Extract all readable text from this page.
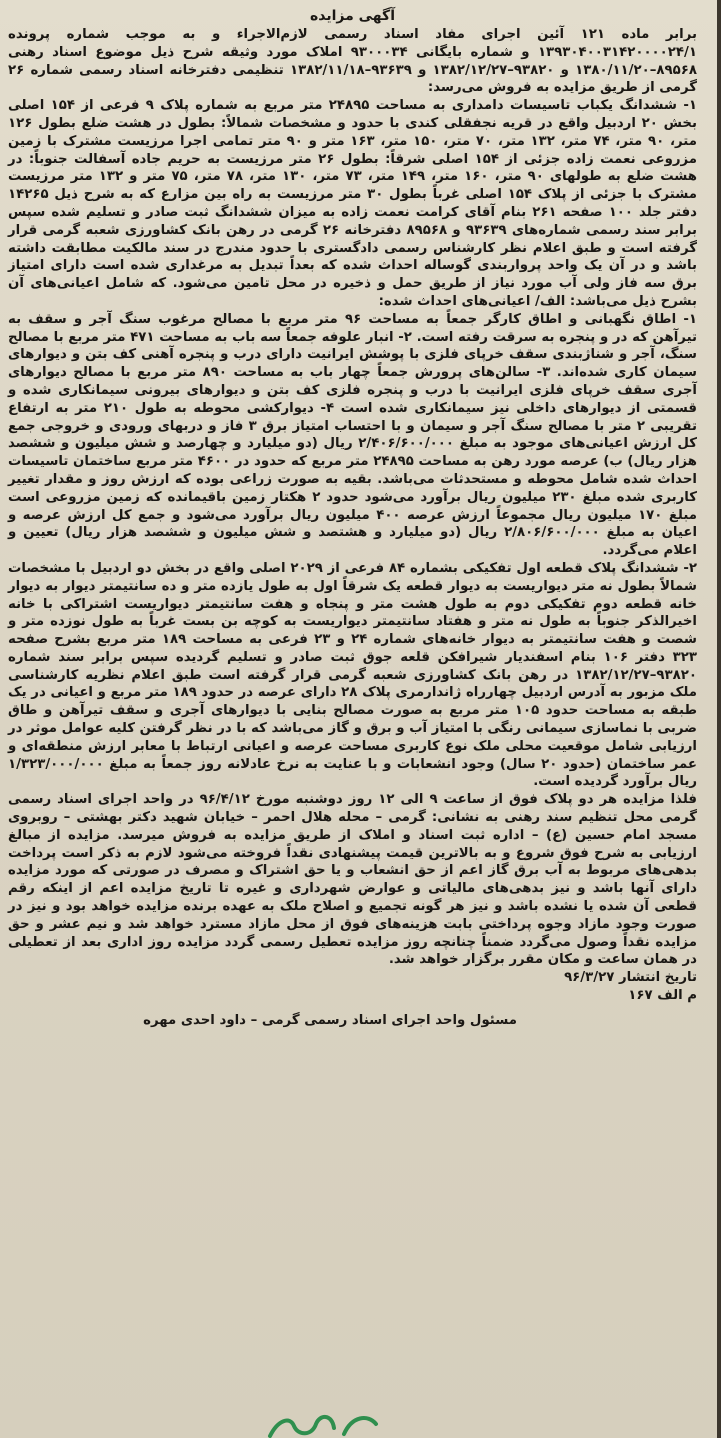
آگهی مزایده

برابر ماده ۱۲۱ آئین اجرای مفاد اسناد رسمی لازم‌الاجراء و به موجب شماره پرونده ۱۳۹۳۰۴۰۰۳۱۴۲۰۰۰۰۲۴/۱ و شماره بایگانی ۹۳۰۰۰۳۴ املاک مورد وثیقه شرح ذیل موضوع اسناد رهنی ۸۹۵۶۸–۱۳۸۰/۱۱/۲۰ و ۹۳۸۲۰–۱۳۸۲/۱۲/۲۷ و ۹۳۶۳۹–۱۳۸۲/۱۱/۱۸ تنظیمی دفترخانه اسناد رسمی شماره ۲۶ گرمی از طریق مزایده به فروش می‌رسد:

۱- ششدانگ یکباب تاسیسات دامداری به مساحت ۲۴۸۹۵ متر مربع به شماره پلاک ۹ فرعی از ۱۵۴ اصلی بخش ۲۰ اردبیل واقع در قریه نجفقلی کندی با حدود و مشخصات شمالاً: بطول در هشت ضلع بطول ۱۲۶ متر، ۹۰ متر، ۷۴ متر، ۱۳۲ متر، ۷۰ متر، ۱۵۰ متر، ۱۶۳ متر و ۹۰ متر تمامی اجرا مرزیست مشترک با زمین مزروعی نعمت زاده جزئی از ۱۵۴ اصلی شرقاً: بطول ۲۶ متر مرزیست به حریم جاده آسفالت جنوباً: در هشت ضلع به طولهای ۹۰ متر، ۱۶۰ متر، ۱۴۹ متر، ۷۳ متر، ۱۳۰ متر، ۷۸ متر، ۷۵ متر و ۱۳۲ متر مرزیست مشترک با جزئی از پلاک ۱۵۴ اصلی غرباً بطول ۳۰ متر مرزیست به راه بین مزارع که به شرح ذیل ۱۴۲۶۵ دفتر جلد ۱۰۰ صفحه ۲۶۱ بنام آقای کرامت نعمت زاده به میزان ششدانگ ثبت صادر و تسلیم شده سپس برابر سند رسمی شماره‌های ۹۳۶۳۹ و ۸۹۵۶۸ دفترخانه ۲۶ گرمی در رهن بانک کشاورزی شعبه گرمی قرار گرفته است و طبق اعلام نظر کارشناس رسمی دادگستری با حدود مندرج در سند مالکیت مطابقت داشته باشد و در آن یک واحد پرواربندی گوساله احداث شده که بعداً تبدیل به مرغداری شده است دارای امتیاز برق سه فاز ولی آب مورد نیاز از طریق حمل و ذخیره در محل تامین می‌شود. که شامل اعیانی‌های آن بشرح ذیل می‌باشد: الف/ اعیانی‌های احداث شده:

۱- اطاق نگهبانی و اطاق کارگر جمعاً به مساحت ۹۶ متر مربع با مصالح مرغوب سنگ آجر و سقف به تیرآهن که در و پنجره به سرقت رفته است. ۲- انبار علوفه جمعاً سه باب به مساحت ۴۷۱ متر مربع با مصالح سنگ، آجر و شناژبندی سقف خرپای فلزی با پوشش ایرانیت دارای درب و پنجره آهنی کف بتن و دیوارهای سیمان کاری شده‌اند. ۳- سالن‌های پرورش جمعاً چهار باب به مساحت ۸۹۰ متر مربع با مصالح دیوارهای آجری سقف خرپای فلزی ایرانیت با درب و پنجره فلزی کف بتن و دیوارهای بیرونی سیمانکاری شده و قسمتی از دیوارهای داخلی نیز سیمانکاری شده است ۴- دیوارکشی محوطه به طول ۲۱۰ متر به ارتفاع تقریبی ۲ متر با مصالح سنگ آجر و سیمان و با احتساب امتیاز برق ۳ فاز و دربهای ورودی و خروجی جمع کل ارزش اعیانی‌های موجود به مبلغ ۲/۴۰۶/۶۰۰/۰۰۰ ریال (دو میلیارد و چهارصد و شش میلیون و ششصد هزار ریال) ب) عرصه مورد رهن به مساحت ۲۴۸۹۵ متر مربع که حدود در ۴۶۰۰ متر مربع ساختمان تاسیسات احداث شده شامل محوطه و مستحدثات می‌باشد. بقیه به صورت زراعی بوده که ارزش روز و مقدار تغییر کاربری شده مبلغ ۲۳۰ میلیون ریال برآورد می‌شود حدود ۲ هکتار زمین باقیمانده که زمین مزروعی است مبلغ ۱۷۰ میلیون ریال مجموعاً ارزش عرصه ۴۰۰ میلیون ریال برآورد می‌شود و جمع کل ارزش عرصه و اعیان به مبلغ ۲/۸۰۶/۶۰۰/۰۰۰ ریال (دو میلیارد و هشتصد و شش میلیون و ششصد هزار ریال) تعیین و اعلام می‌گردد.

۲- ششدانگ پلاک قطعه اول تفکیکی بشماره ۸۴ فرعی از ۲۰۲۹ اصلی واقع در بخش دو اردبیل با مشخصات شمالاً بطول نه متر دیواریست به دیوار قطعه یک شرقاً اول به طول یازده متر و ده سانتیمتر دیوار به دیوار خانه قطعه دوم تفکیکی دوم به طول هشت متر و پنجاه و هفت سانتیمتر دیواریست اشتراکی با خانه اخیرالذکر جنوباً به طول نه متر و هفتاد سانتیمتر دیواریست به کوچه بن بست غرباً به طول نوزده متر و شصت و هفت سانتیمتر به دیوار خانه‌های شماره ۲۴ و ۲۳ فرعی به مساحت ۱۸۹ متر مربع بشرح صفحه ۳۲۳ دفتر ۱۰۶ بنام اسفندیار شیرافکن قلعه جوق ثبت صادر و تسلیم گردیده سپس برابر سند شماره ۹۳۸۲۰–۱۳۸۲/۱۲/۲۷ در رهن بانک کشاورزی شعبه گرمی قرار گرفته است طبق اعلام نظریه کارشناسی ملک مزبور به آدرس اردبیل چهارراه ژاندارمری پلاک ۲۸ دارای عرصه در حدود ۱۸۹ متر مربع و اعیانی در یک طبقه به مساحت حدود ۱۰۵ متر مربع به صورت مصالح بنایی با دیوارهای آجری و سقف تیرآهن و طاق ضربی با نماسازی سیمانی رنگی با امتیاز آب و برق و گاز می‌باشد که با در نظر گرفتن کلیه عوامل موثر در ارزیابی شامل موقعیت محلی ملک نوع کاربری مساحت عرصه و اعیانی ارتباط با معابر ارزش منطقه‌ای و عمر ساختمان (حدود ۲۰ سال) وجود انشعابات و با عنایت به نرخ عادلانه روز جمعاً به مبلغ ۱/۳۲۳/۰۰۰/۰۰۰ ریال برآورد گردیده است.

فلذا مزایده هر دو پلاک فوق از ساعت ۹ الی ۱۲ روز دوشنبه مورخ ۹۶/۴/۱۲ در واحد اجرای اسناد رسمی گرمی محل تنظیم سند رهنی به نشانی: گرمی – محله هلال احمر – خیابان شهید دکتر بهشتی – روبروی مسجد امام حسین (ع) – اداره ثبت اسناد و املاک از طریق مزایده به فروش میرسد. مزایده از مبالغ ارزیابی به شرح فوق شروع و به بالاترین قیمت پیشنهادی نقداً فروخته می‌شود لازم به ذکر است پرداخت بدهی‌های مربوط به آب برق گاز اعم از حق انشعاب و یا حق اشتراک و مصرف در صورتی که مورد مزایده دارای آنها باشد و نیز بدهی‌های مالیاتی و عوارض شهرداری و غیره تا تاریخ مزایده اعم از اینکه رقم قطعی آن شده یا نشده باشد و نیز هر گونه تجمیع و اصلاح ملک به عهده برنده مزایده خواهد بود و نیز در صورت وجود مازاد وجوه پرداختی بابت هزینه‌های فوق از محل مازاد مسترد خواهد شد و نیم عشر و حق مزایده نقداً وصول می‌گردد ضمناً چنانچه روز مزایده تعطیل رسمی گردد مزایده روز اداری بعد از تعطیلی در همان ساعت و مکان مقرر برگزار خواهد شد.

تاریخ انتشار ۹۶/۳/۲۷
م الف ۱۶۷
مسئول واحد اجرای اسناد رسمی گرمی – داود احدی مهره
